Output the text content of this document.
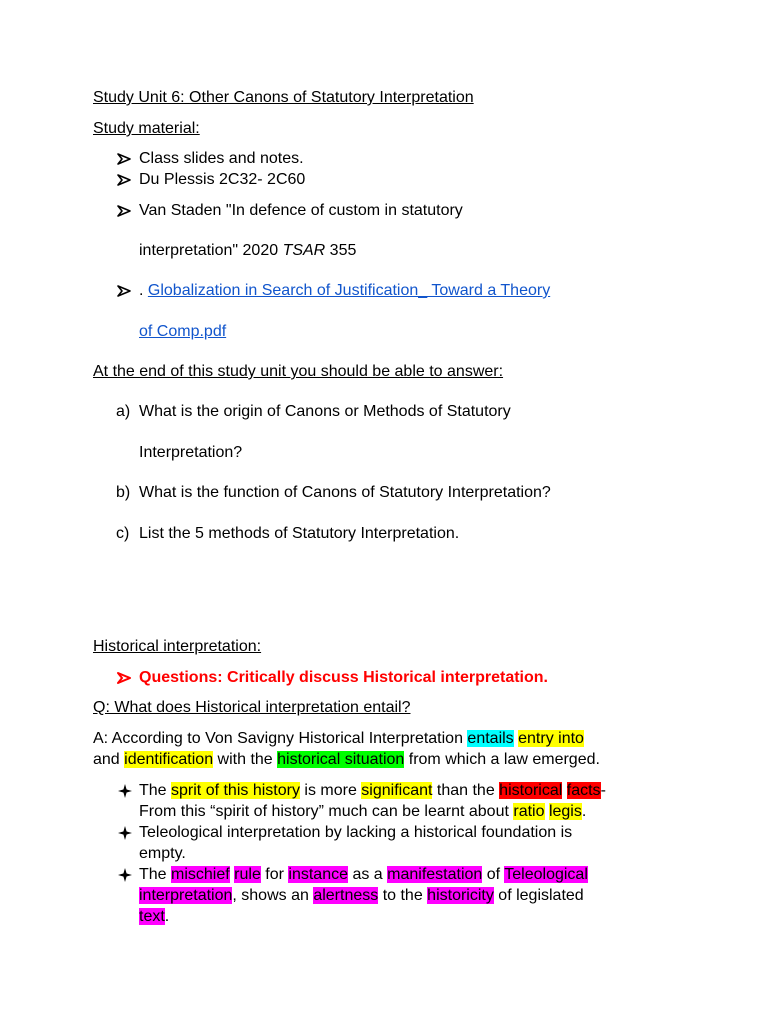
Study Unit 6: Other Canons of Statutory Interpretation
Study material:
Class slides and notes.
Du Plessis 2C32- 2C60
Van Staden "In defence of custom in statutory
interpretation" 2020 TSAR 355
. Globalization in Search of Justification_ Toward a Theory
of Comp.pdf
At the end of this study unit you should be able to answer:
a) What is the origin of Canons or Methods of Statutory
Interpretation?
b) What is the function of Canons of Statutory Interpretation?
c) List the 5 methods of Statutory Interpretation.
Historical interpretation:
Questions: Critically discuss Historical interpretation.
Q: What does Historical interpretation entail?
A: According to Von Savigny Historical Interpretation entails entry into
and identification with the historical situation from which a law emerged.
The sprit of this history is more significant than the historical facts-
From this “spirit of history” much can be learnt about ratio legis.
Teleological interpretation by lacking a historical foundation is
empty.
The mischief rule for instance as a manifestation of Teleological
interpretation, shows an alertness to the historicity of legislated
text.
